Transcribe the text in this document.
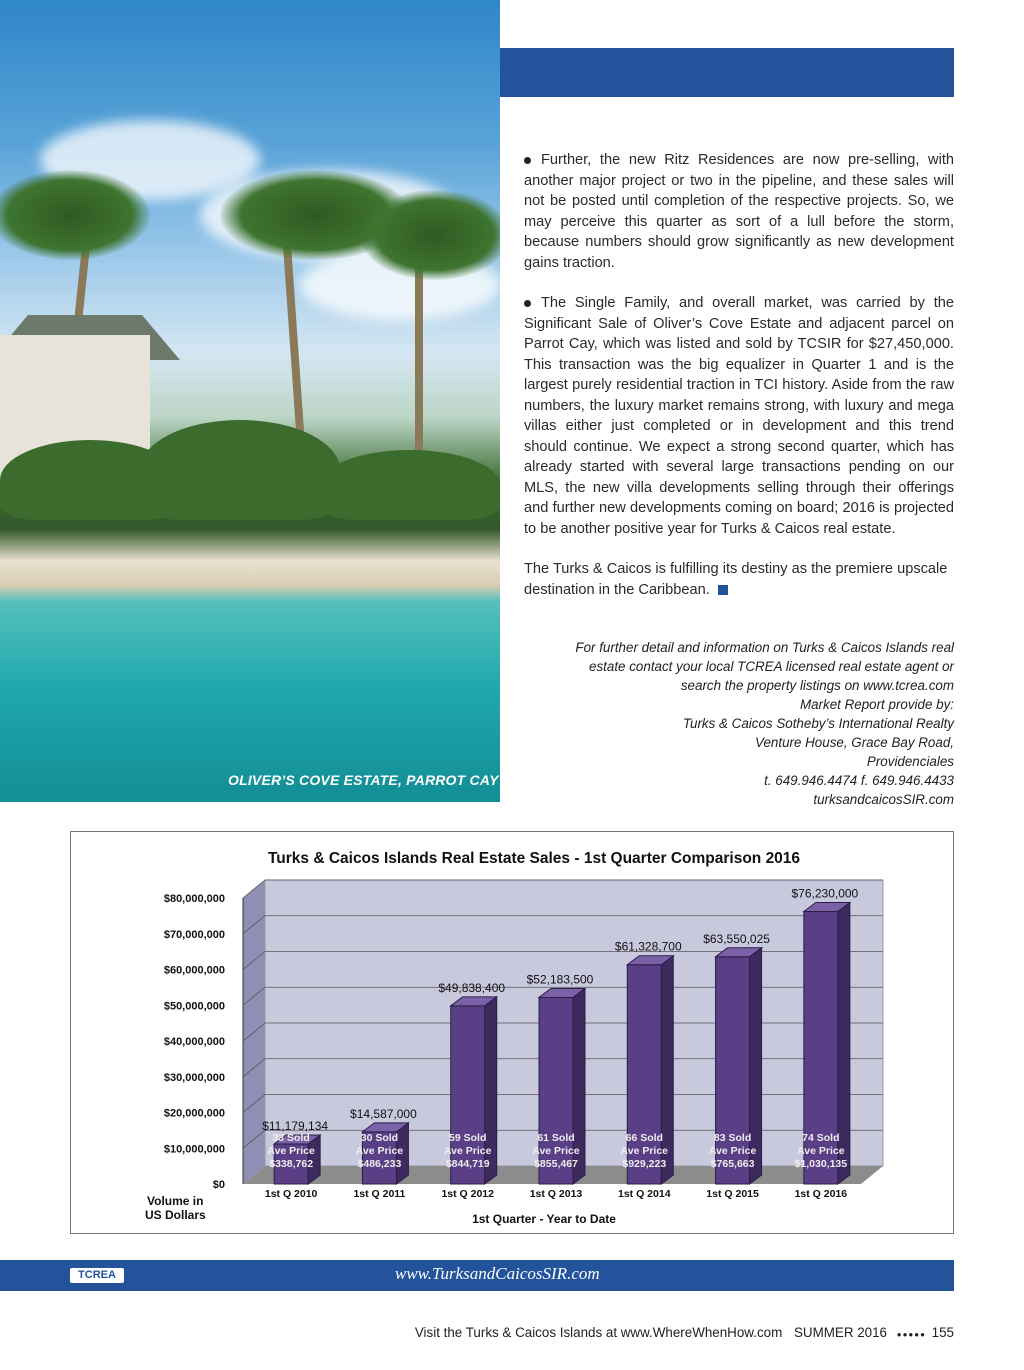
OLIVER’S COVE ESTATE, PARROT CAY

Further, the new Ritz Residences are now pre-selling, with another major project or two in the pipeline, and these sales will not be posted until completion of the respective projects. So, we may perceive this quarter as sort of a lull before the storm, because numbers should grow significantly as new development gains traction.

The Single Family, and overall market, was carried by the Significant Sale of Oliver’s Cove Estate and adjacent parcel on Parrot Cay, which was listed and sold by TCSIR for $27,450,000. This transaction was the big equalizer in Quarter 1 and is the largest purely residential traction in TCI history. Aside from the raw numbers, the luxury market remains strong, with luxury and mega villas either just completed or in development and this trend should continue. We expect a strong second quarter, which has already started with several large transactions pending on our MLS, the new villa developments selling through their offerings and further new developments coming on board; 2016 is projected to be another positive year for Turks & Caicos real estate.

The Turks & Caicos is fulfilling its destiny as the premiere upscale destination in the Caribbean.

For further detail and information on Turks & Caicos Islands real
estate contact your local TCREA licensed real estate agent or
search the property listings on www.tcrea.com
Market Report provide by:
Turks & Caicos Sotheby’s International Realty
Venture House, Grace Bay Road,
Providenciales
t. 649.946.4474 f. 649.946.4433
turksandcaicosSIR.com
Turks & Caicos Islands Real Estate Sales - 1st Quarter Comparison 2016
1st Quarter - Year to Date
Volume in
US Dollars
$0
$10,000,000
$20,000,000
$30,000,000
$40,000,000
$50,000,000
$60,000,000
$70,000,000
$80,000,000
$11,179,134
33 Sold
Ave Price
$338,762
1st Q 2010
$14,587,000
30 Sold
Ave Price
$486,233
1st Q 2011
$49,838,400
59 Sold
Ave Price
$844,719
1st Q 2012
$52,183,500
61 Sold
Ave Price
$855,467
1st Q 2013
$61,328,700
66 Sold
Ave Price
$929,223
1st Q 2014
$63,550,025
83 Sold
Ave Price
$765,663
1st Q 2015
$76,230,000
74 Sold
Ave Price
$1,030,135
1st Q 2016
TCREA	www.TurksandCaicosSIR.com
Visit the Turks & Caicos Islands at www.WhereWhenHow.com SUMMER 2016 ●●●●● 155
